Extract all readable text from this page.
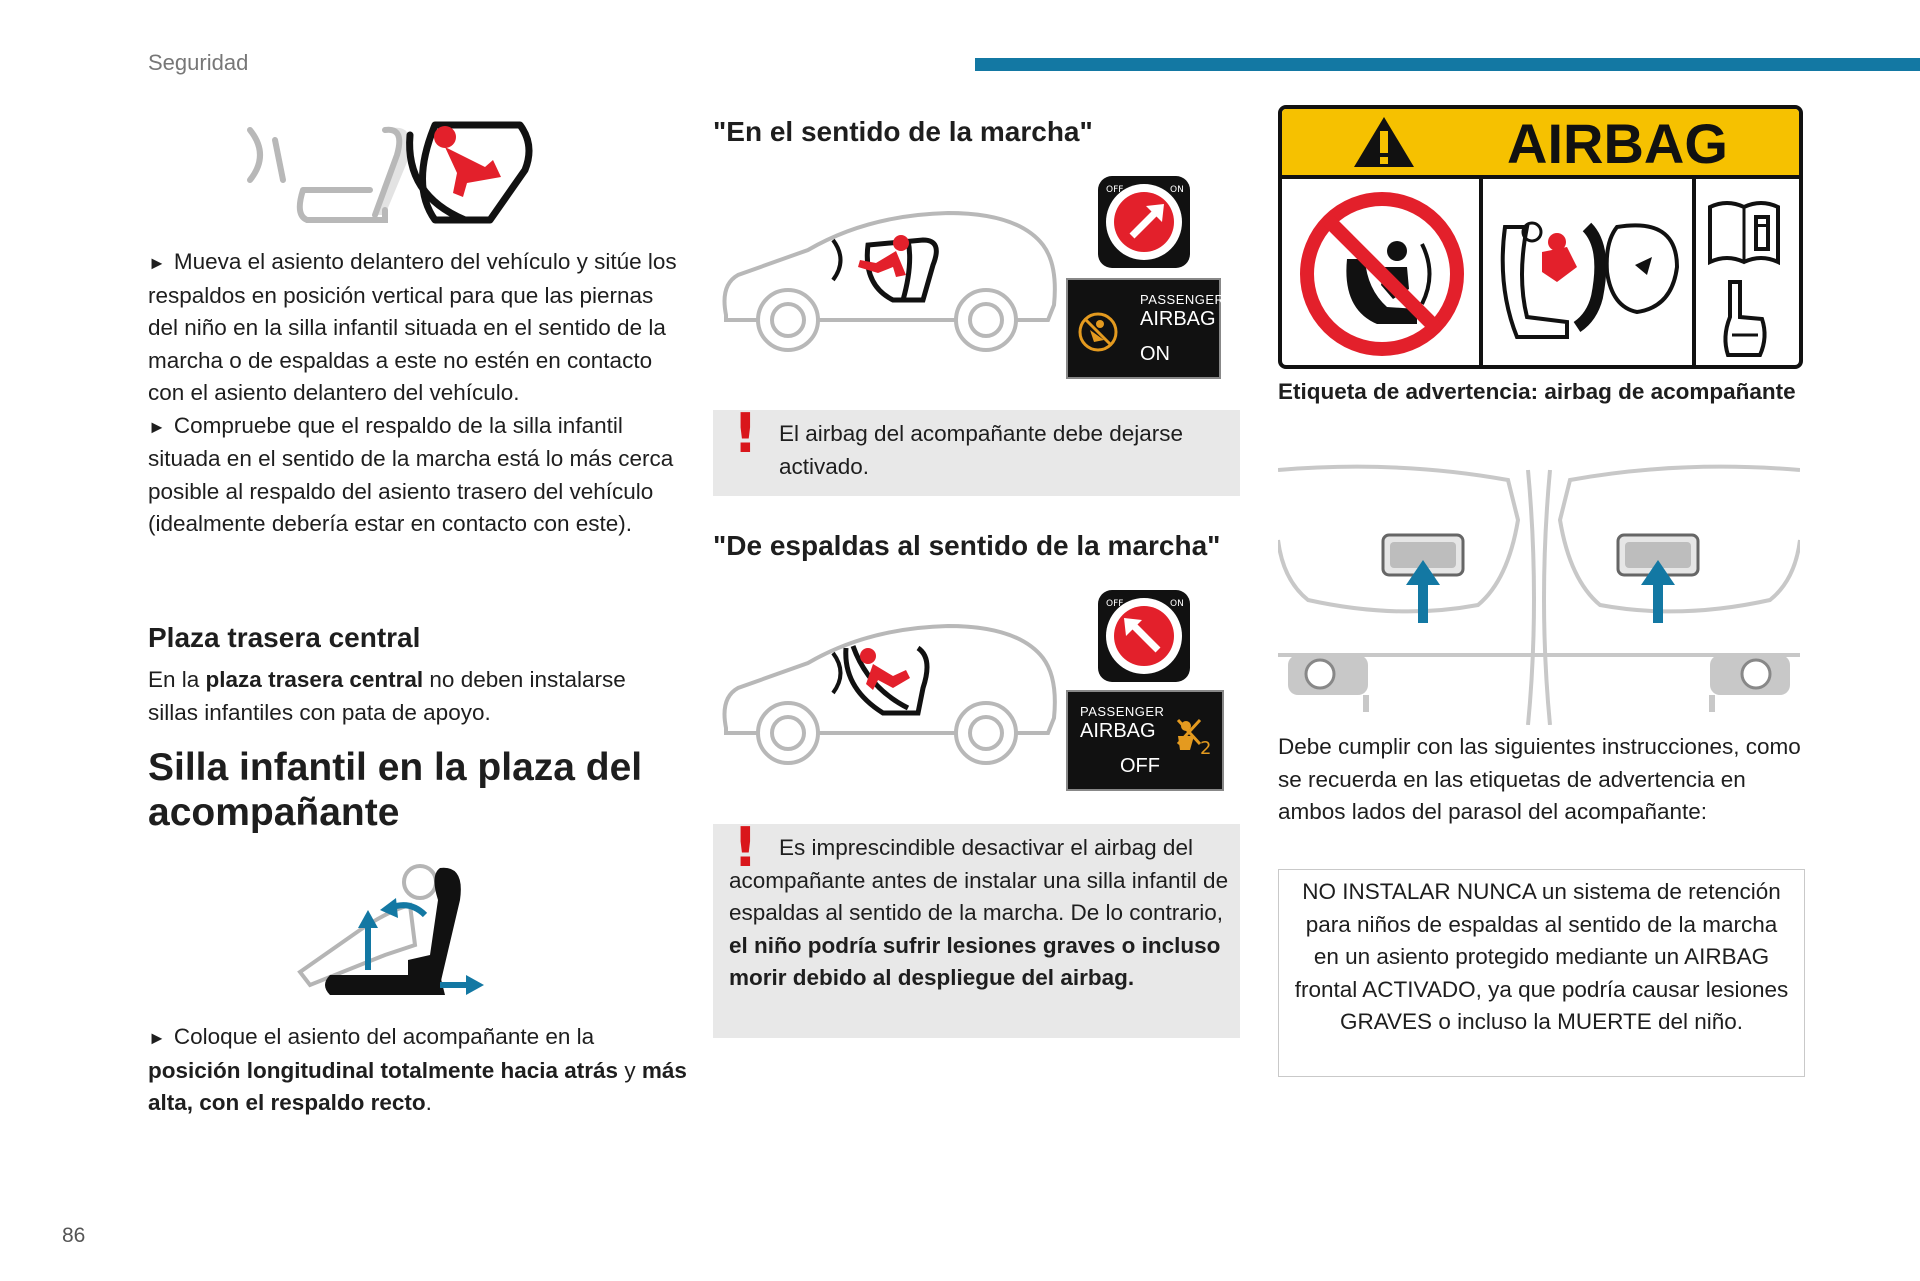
Seguridad

► Mueva el asiento delantero del vehículo y sitúe los respaldos en posición vertical para que las piernas del niño en la silla infantil situada en el sentido de la marcha o de espaldas a este no estén en contacto con el asiento delantero del vehículo.

► Compruebe que el respaldo de la silla infantil situada en el sentido de la marcha está lo más cerca posible al respaldo del asiento trasero del vehículo (idealmente debería estar en contacto con este).

Plaza trasera central

En la plaza trasera central no deben instalarse sillas infantiles con pata de apoyo.

Silla infantil en la plaza del acompañante

► Coloque el asiento del acompañante en la posición longitudinal totalmente hacia atrás y más alta, con el respaldo recto.

"En el sentido de la marcha"
OFF	ON
PASSENGER
AIRBAG
ON
! El airbag del acompañante debe dejarse activado.
"De espaldas al sentido de la marcha"
OFF	ON
PASSENGER
AIRBAG
OFF
2
! Es imprescindible desactivar el airbag del acompañante antes de instalar una silla infantil de espaldas al sentido de la marcha. De lo contrario, el niño podría sufrir lesiones graves o incluso morir debido al despliegue del airbag.
AIRBAG
Etiqueta de advertencia: airbag de acompañante
Debe cumplir con las siguientes instrucciones, como se recuerda en las etiquetas de advertencia en ambos lados del parasol del acompañante:
NO INSTALAR NUNCA un sistema de retención para niños de espaldas al sentido de la marcha en un asiento protegido mediante un AIRBAG frontal ACTIVADO, ya que podría causar lesiones GRAVES o incluso la MUERTE del niño.
86
